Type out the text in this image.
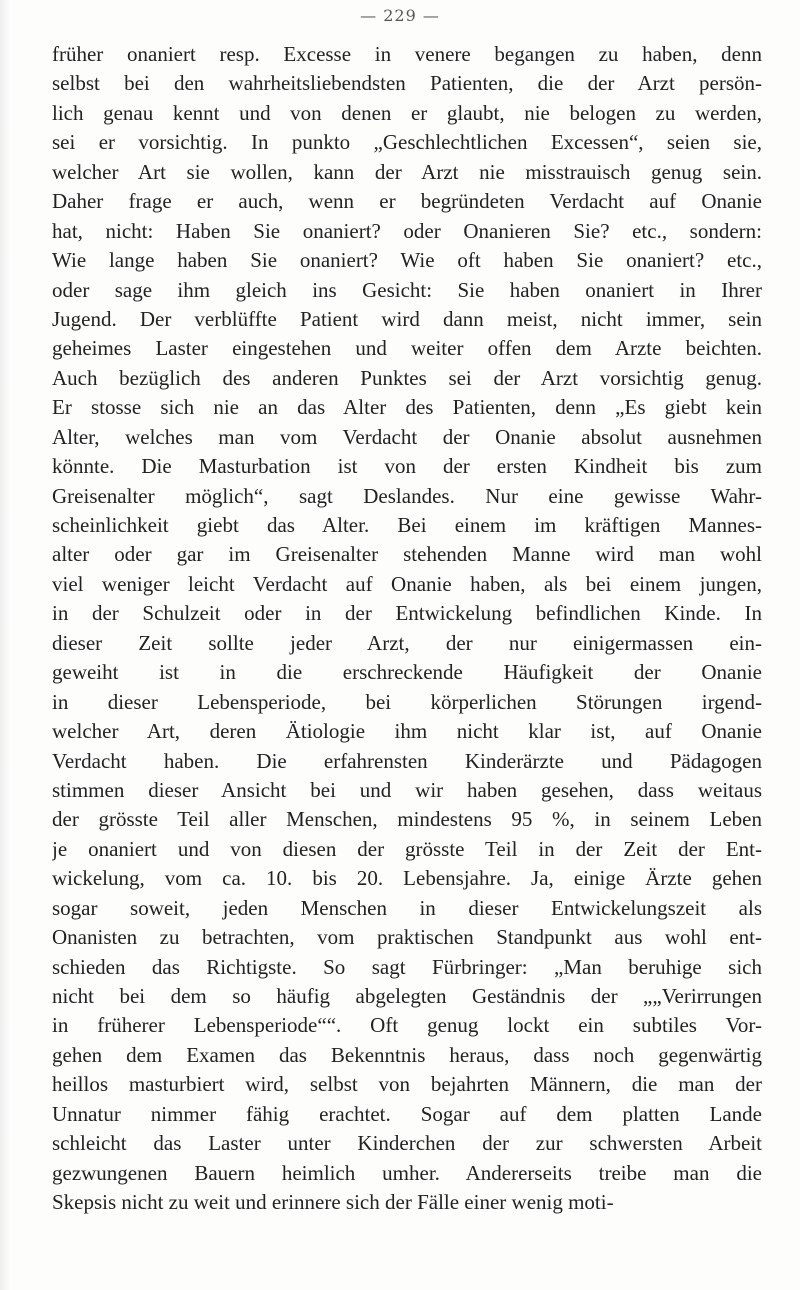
— 229 —
früher onaniert resp. Excesse in venere begangen zu haben, denn
selbst bei den wahrheitsliebendsten Patienten, die der Arzt persön-
lich genau kennt und von denen er glaubt, nie belogen zu werden,
sei er vorsichtig. In punkto „Geschlechtlichen Excessen“, seien sie,
welcher Art sie wollen, kann der Arzt nie misstrauisch genug sein.
Daher frage er auch, wenn er begründeten Verdacht auf Onanie
hat, nicht: Haben Sie onaniert? oder Onanieren Sie? etc., sondern:
Wie lange haben Sie onaniert? Wie oft haben Sie onaniert? etc.,
oder sage ihm gleich ins Gesicht: Sie haben onaniert in Ihrer
Jugend. Der verblüffte Patient wird dann meist, nicht immer, sein
geheimes Laster eingestehen und weiter offen dem Arzte beichten.
Auch bezüglich des anderen Punktes sei der Arzt vorsichtig genug.
Er stosse sich nie an das Alter des Patienten, denn „Es giebt kein
Alter, welches man vom Verdacht der Onanie absolut ausnehmen
könnte. Die Masturbation ist von der ersten Kindheit bis zum
Greisenalter möglich“, sagt Deslandes. Nur eine gewisse Wahr-
scheinlichkeit giebt das Alter. Bei einem im kräftigen Mannes-
alter oder gar im Greisenalter stehenden Manne wird man wohl
viel weniger leicht Verdacht auf Onanie haben, als bei einem jungen,
in der Schulzeit oder in der Entwickelung befindlichen Kinde. In
dieser Zeit sollte jeder Arzt, der nur einigermassen ein-
geweiht ist in die erschreckende Häufigkeit der Onanie
in dieser Lebensperiode, bei körperlichen Störungen irgend-
welcher Art, deren Ätiologie ihm nicht klar ist, auf Onanie
Verdacht haben. Die erfahrensten Kinderärzte und Pädagogen
stimmen dieser Ansicht bei und wir haben gesehen, dass weitaus
der grösste Teil aller Menschen, mindestens 95 %, in seinem Leben
je onaniert und von diesen der grösste Teil in der Zeit der Ent-
wickelung, vom ca. 10. bis 20. Lebensjahre. Ja, einige Ärzte gehen
sogar soweit, jeden Menschen in dieser Entwickelungszeit als
Onanisten zu betrachten, vom praktischen Standpunkt aus wohl ent-
schieden das Richtigste. So sagt Fürbringer: „Man beruhige sich
nicht bei dem so häufig abgelegten Geständnis der „„Verirrungen
in früherer Lebensperiode““. Oft genug lockt ein subtiles Vor-
gehen dem Examen das Bekenntnis heraus, dass noch gegenwärtig
heillos masturbiert wird, selbst von bejahrten Männern, die man der
Unnatur nimmer fähig erachtet. Sogar auf dem platten Lande
schleicht das Laster unter Kinderchen der zur schwersten Arbeit
gezwungenen Bauern heimlich umher. Andererseits treibe man die
Skepsis nicht zu weit und erinnere sich der Fälle einer wenig moti-
